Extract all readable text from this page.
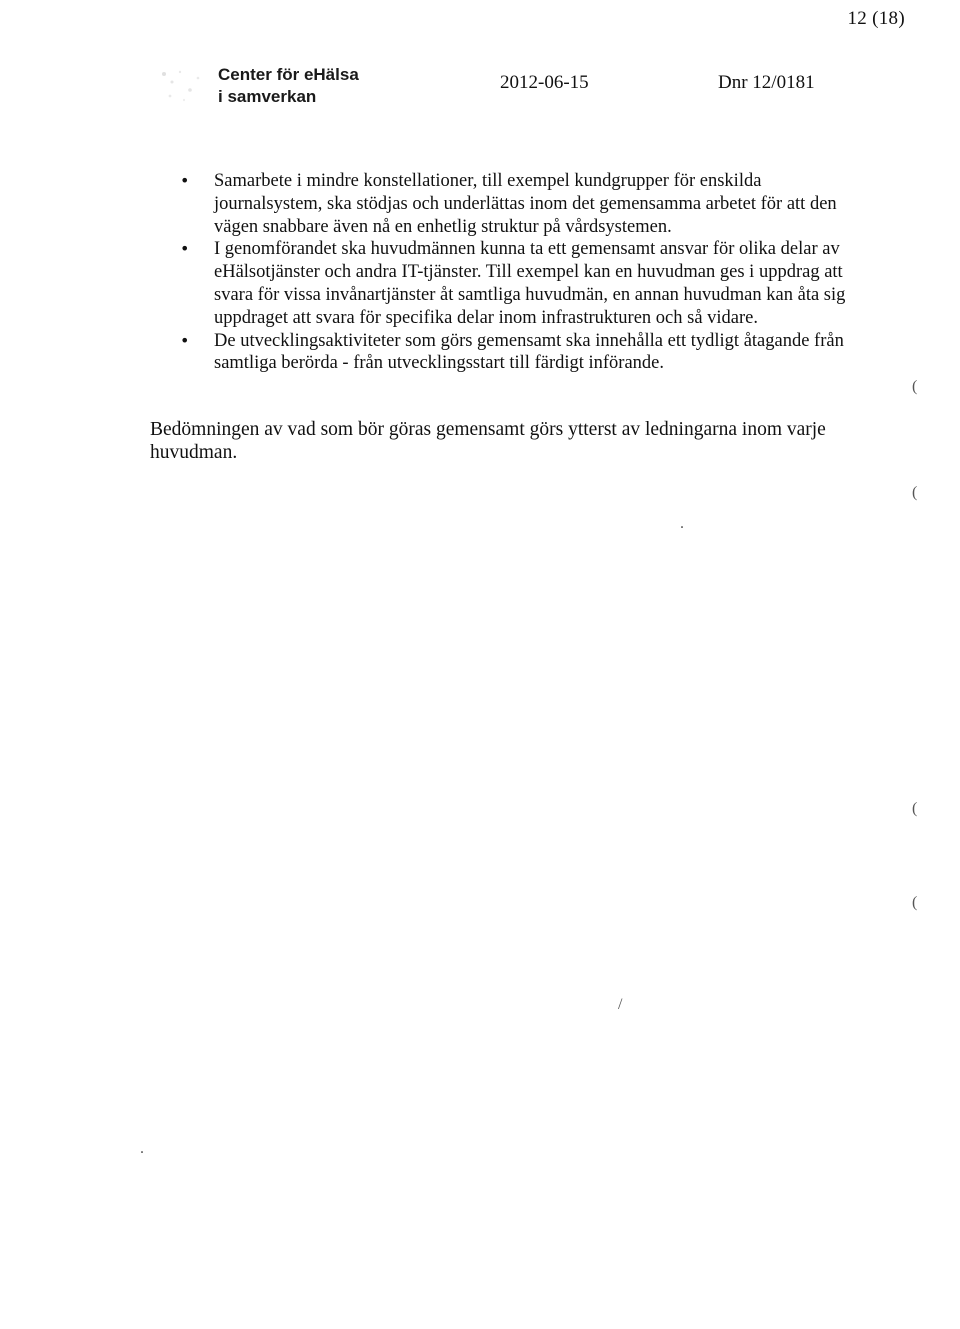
12 (18)
Center för eHälsa
i samverkan
2012-06-15	Dnr 12/0181
• Samarbete i mindre konstellationer, till exempel kundgrupper för enskilda journalsystem, ska stödjas och underlättas inom det gemensamma arbetet för att den vägen snabbare även nå en enhetlig struktur på vårdsystemen.
• I genomförandet ska huvudmännen kunna ta ett gemensamt ansvar för olika delar av eHälsotjänster och andra IT-tjänster. Till exempel kan en huvudman ges i uppdrag att svara för vissa invånartjänster åt samtliga huvudmän, en annan huvudman kan åta sig uppdraget att svara för specifika delar inom infrastrukturen och så vidare.
• De utvecklingsaktiviteter som görs gemensamt ska innehålla ett tydligt åtagande från samtliga berörda - från utvecklingsstart till färdigt införande.

Bedömningen av vad som bör göras gemensamt görs ytterst av ledningarna inom varje huvudman.

(
(
.
(
(
/
.
